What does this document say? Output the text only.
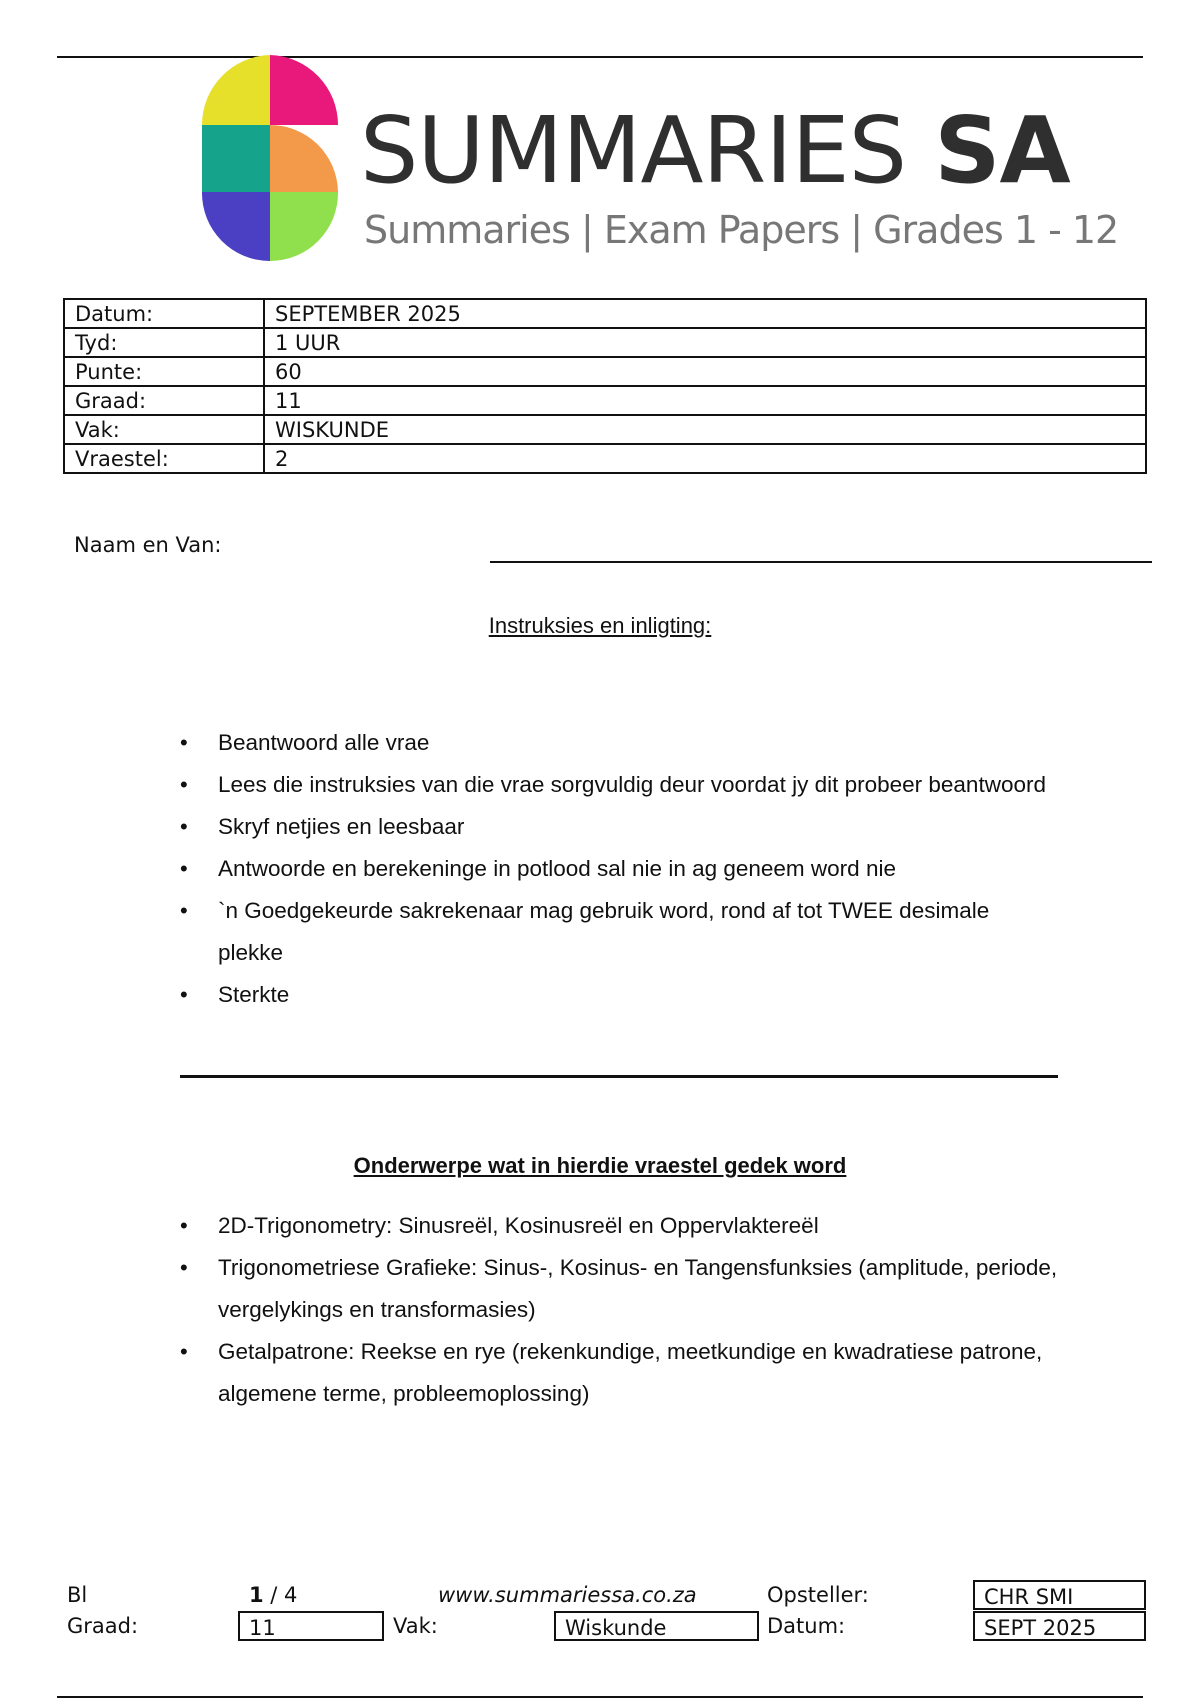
SUMMARIES SA
Summaries | Exam Papers | Grades 1 - 12
Datum:	SEPTEMBER 2025
Tyd:	1 UUR
Punte:	60
Graad:	11
Vak:	WISKUNDE
Vraestel:	2
Naam en Van:
Instruksies en inligting:
• Beantwoord alle vrae
• Lees die instruksies van die vrae sorgvuldig deur voordat jy dit probeer beantwoord
• Skryf netjies en leesbaar
• Antwoorde en berekeninge in potlood sal nie in ag geneem word nie
• `n Goedgekeurde sakrekenaar mag gebruik word, rond af tot TWEE desimale plekke
• Sterkte
Onderwerpe wat in hierdie vraestel gedek word
• 2D-Trigonometry: Sinusreël, Kosinusreël en Oppervlaktereël
• Trigonometriese Grafieke: Sinus-, Kosinus- en Tangensfunksies (amplitude, periode, vergelykings en transformasies)
• Getalpatrone: Reekse en rye (rekenkundige, meetkundige en kwadratiese patrone, algemene terme, probleemoplossing)
Bl	1 / 4	www.summariessa.co.za	Opsteller:	CHR SMI
Graad:	11	Vak:	Wiskunde	Datum:	SEPT 2025
